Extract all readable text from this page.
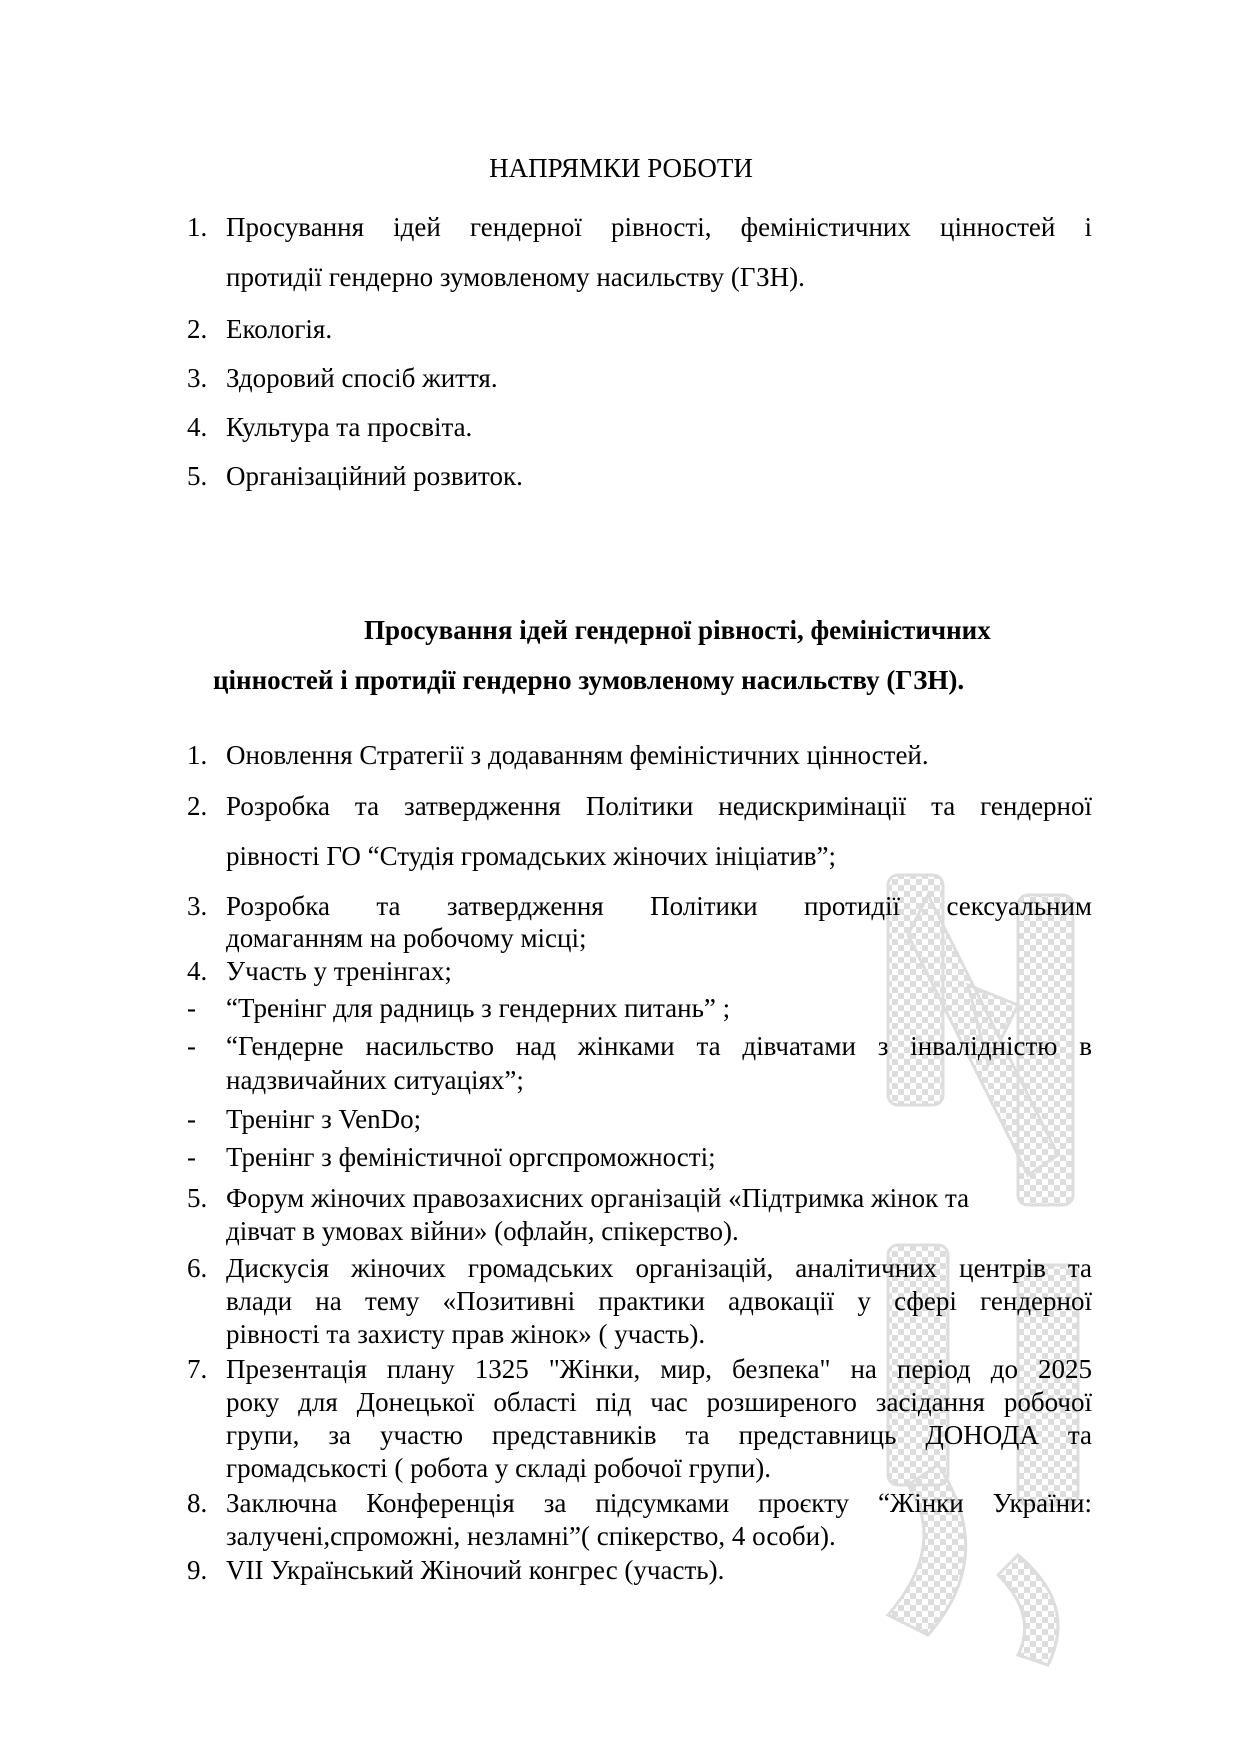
НАПРЯМКИ РОБОТИ
1. Просування ідей гендерної рівності, феміністичних цінностей і
протидії гендерно зумовленому насильству (ГЗН).
2. Екологія.
3. Здоровий спосіб життя.
4. Культура та просвіта.
5. Організаційний розвиток.
Просування ідей гендерної рівності, феміністичних
цінностей і протидії гендерно зумовленому насильству (ГЗН).
1. Оновлення Стратегії з додаванням феміністичних цінностей.
2. Розробка та затвердження Політики недискримінації та гендерної
рівності ГО “Студія громадських жіночих ініціатив”;
3. Розробка та затвердження Політики протидії сексуальним
домаганням на робочому місці;
4. Участь у тренінгах;
- “Тренінг для радниць з гендерних питань” ;
- “Гендерне насильство над жінками та дівчатами з інвалідністю в
надзвичайних ситуаціях”;
- Тренінг з VenDo;
- Тренінг з феміністичної оргспроможності;
5. Форум жіночих правозахисних організацій «Підтримка жінок та
дівчат в умовах війни» (офлайн, спікерство).
6. Дискусія жіночих громадських організацій, аналітичних центрів та
влади на тему «Позитивні практики адвокації у сфері гендерної
рівності та захисту прав жінок» ( участь).
7. Презентація плану 1325 "Жінки, мир, безпека" на період до 2025
року для Донецької області під час розширеного засідання робочої
групи, за участю представників та представниць ДОНОДА та
громадськості ( робота у складі робочої групи).
8. Заключна Конференція за підсумками проєкту “Жінки України:
залучені,спроможні, незламні”( спікерство, 4 особи).
9. VII Український Жіночий конгрес (участь).
